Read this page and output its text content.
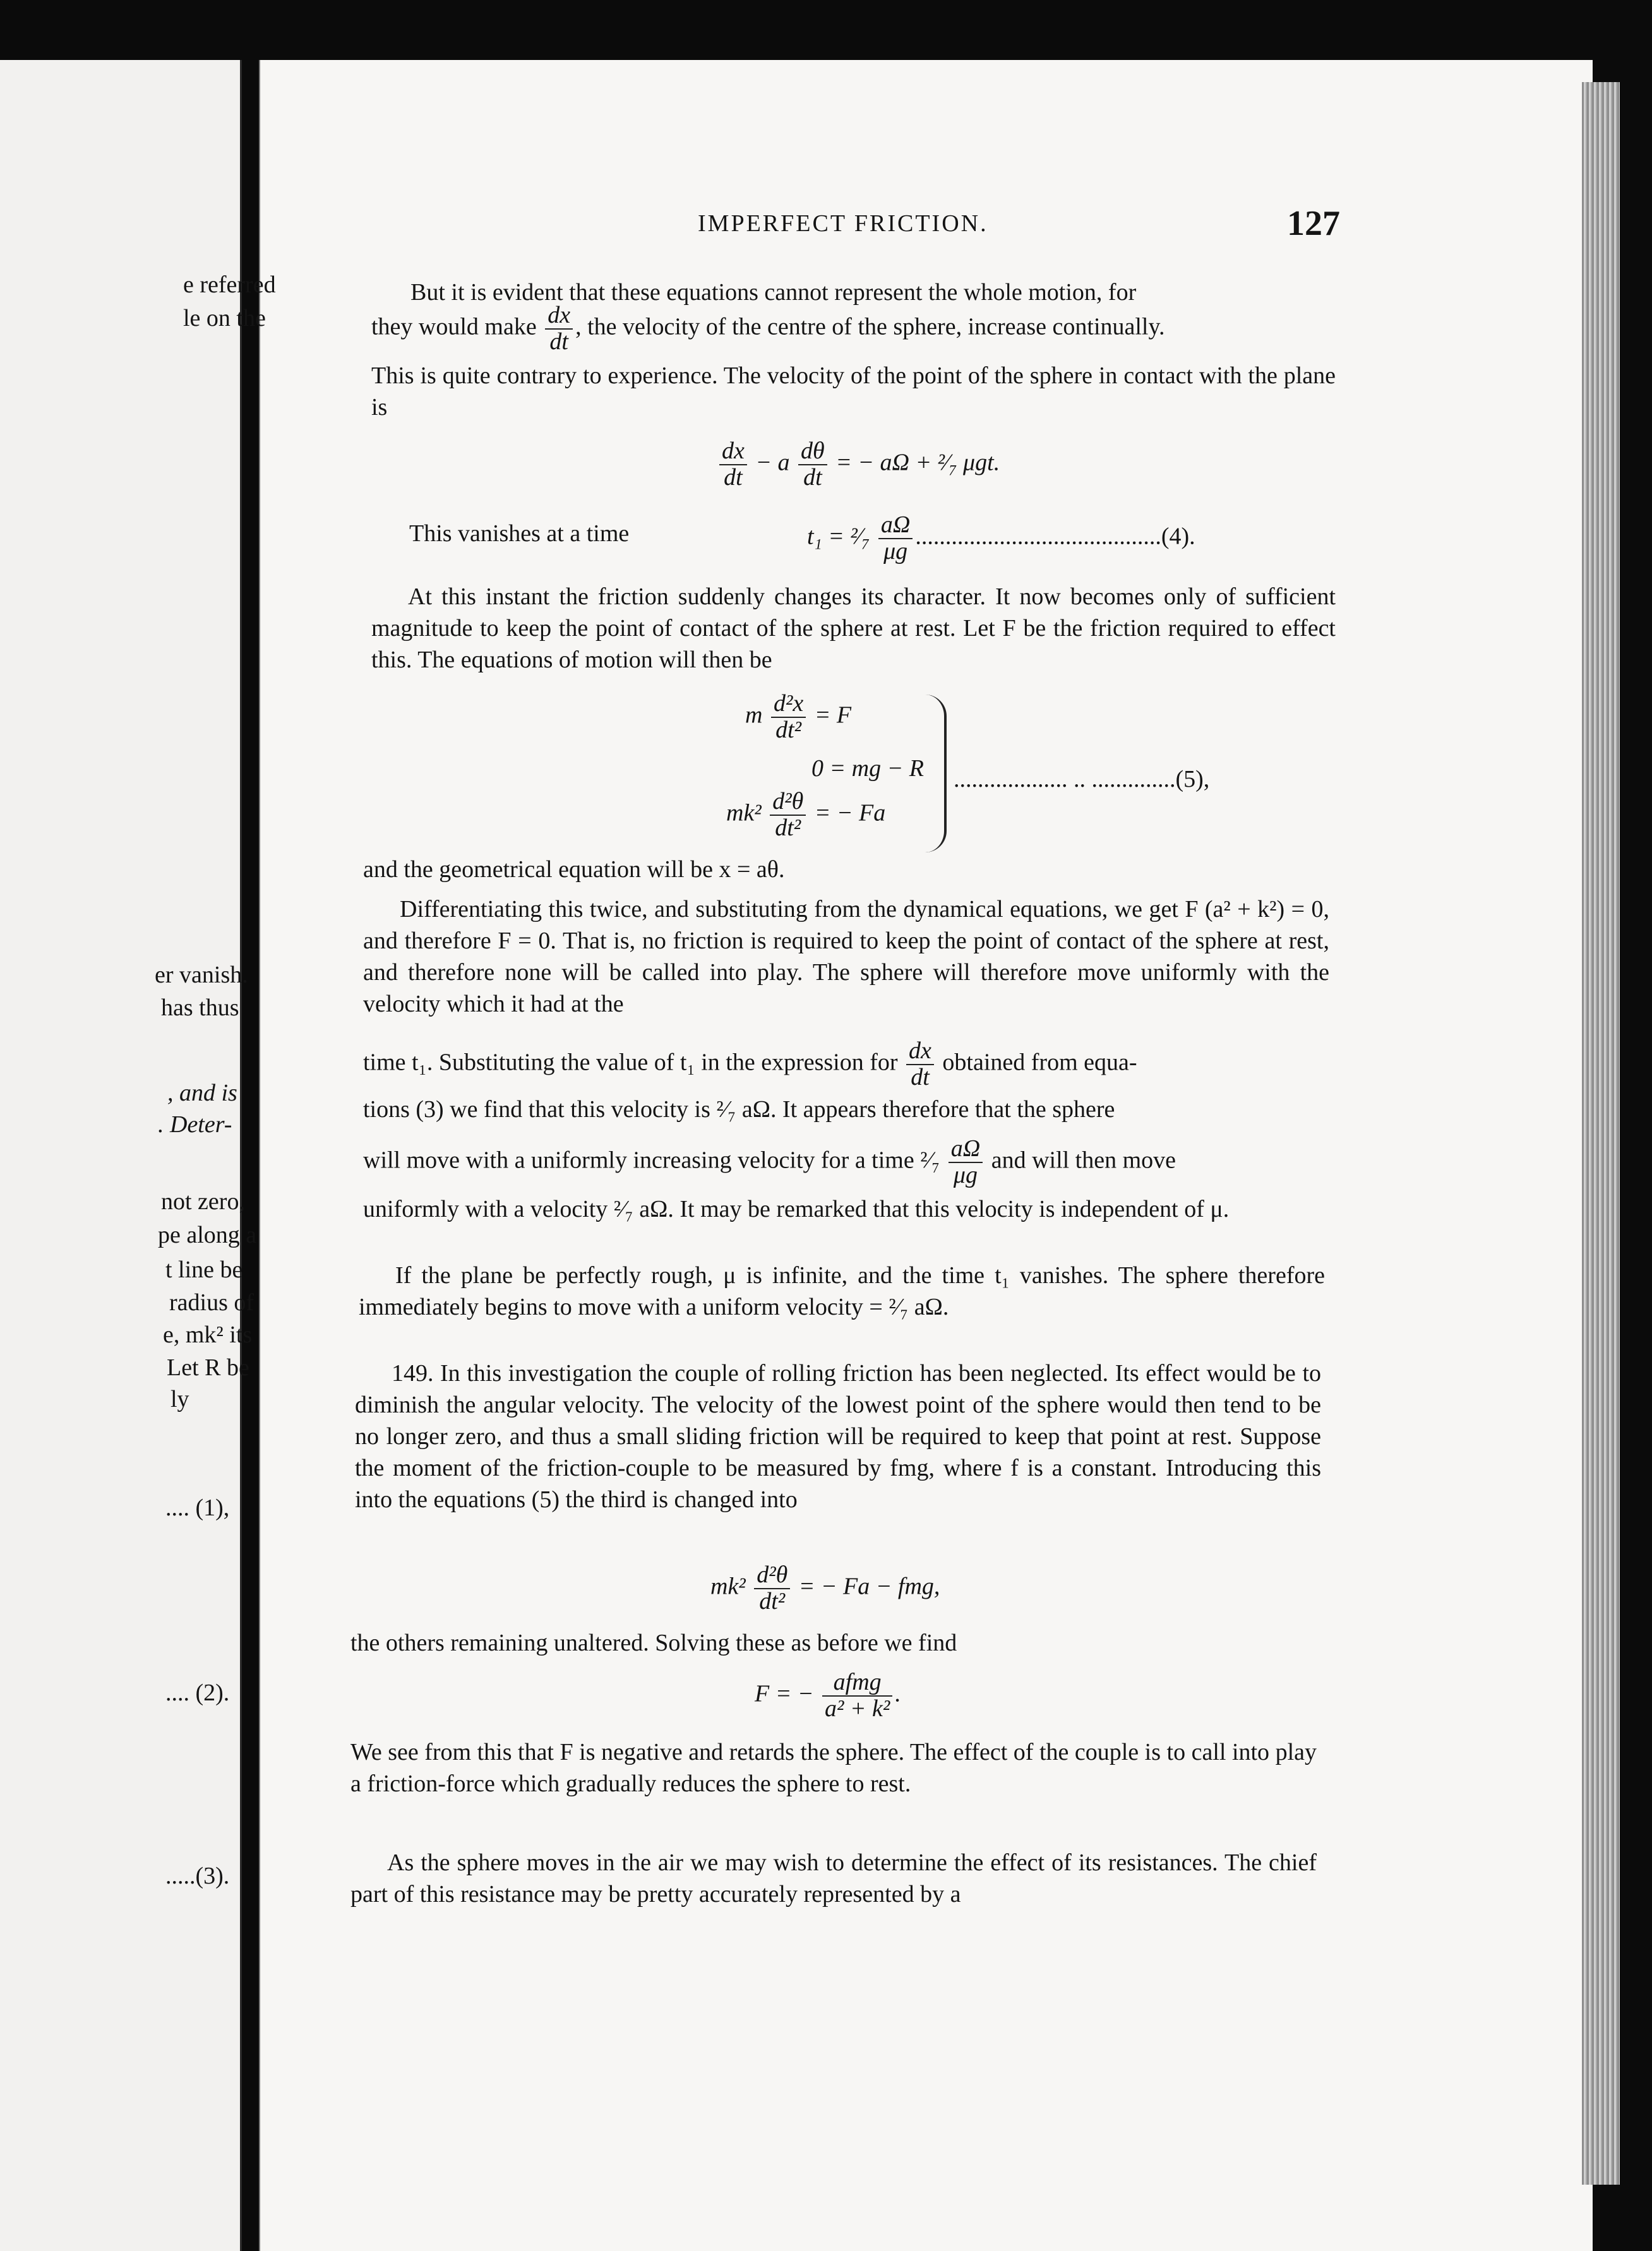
e referred
le on the
er vanish.
has thus
, and is
. Deter-
not zero,
pe along a
t line be
radius of
e, mk² its
Let R be
ly
.... (1),
.... (2).
.....(3).
IMPERFECT FRICTION.	127
But it is evident that these equations cannot represent the whole motion, for
they would make $\frac{dx}{dt}$ , the velocity of the centre of the sphere, increase continually.
This is quite contrary to experience. The velocity of the point of the sphere in contact with the plane is
$\frac{dx}{dt} - a \frac{d\theta}{dt}$ = − aΩ + ²⁄₇ μgt.
This vanishes at a time	t₁ = ²⁄₇ $\frac{a\Omega}{\mu g} .........................................(4)$.
At this instant the friction suddenly changes its character. It now becomes only of sufficient magnitude to keep the point of contact of the sphere at rest. Let F be the friction required to effect this. The equations of motion will then be
m $\frac{\text{d²x}}{\text{dt²}} = F$
0 = mg − R
$mk^2 \frac{\text{d²θ}}{\text{dt²}}$ = − Fa
................... .. ..............(5),
and the geometrical equation will be x = aθ.
Differentiating this twice, and substituting from the dynamical equations, we get F (a² + k²) = 0, and therefore F = 0. That is, no friction is required to keep the point of contact of the sphere at rest, and therefore none will be called into play. The sphere will therefore move uniformly with the velocity which it had at the
time t₁. Substituting the value of t₁ in the expression for $\frac{dx}{dt}$ obtained from equa-
tions (3) we find that this velocity is ²⁄₇ aΩ. It appears therefore that the sphere
will move with a uniformly increasing velocity for a time ²⁄₇ $\frac{a\Omega}{\mu g}$ and will then move
uniformly with a velocity ²⁄₇ aΩ. It may be remarked that this velocity is independent of μ.
If the plane be perfectly rough, μ is infinite, and the time t₁ vanishes. The sphere therefore immediately begins to move with a uniform velocity = ²⁄₇ aΩ.
149. In this investigation the couple of rolling friction has been neglected. Its effect would be to diminish the angular velocity. The velocity of the lowest point of the sphere would then tend to be no longer zero, and thus a small sliding friction will be required to keep that point at rest. Suppose the moment of the friction-couple to be measured by fmg, where f is a constant. Introducing this into the equations (5) the third is changed into
$mk^2 \frac{\text{d²θ}}{\text{dt²}}$ = − Fa − fmg,
the others remaining unaltered. Solving these as before we find
F = − $\frac{\text{afmg}}{\text{a² + k²}}$ .
We see from this that F is negative and retards the sphere. The effect of the couple is to call into play a friction-force which gradually reduces the sphere to rest.
As the sphere moves in the air we may wish to determine the effect of its resistances. The chief part of this resistance may be pretty accurately represented by a
